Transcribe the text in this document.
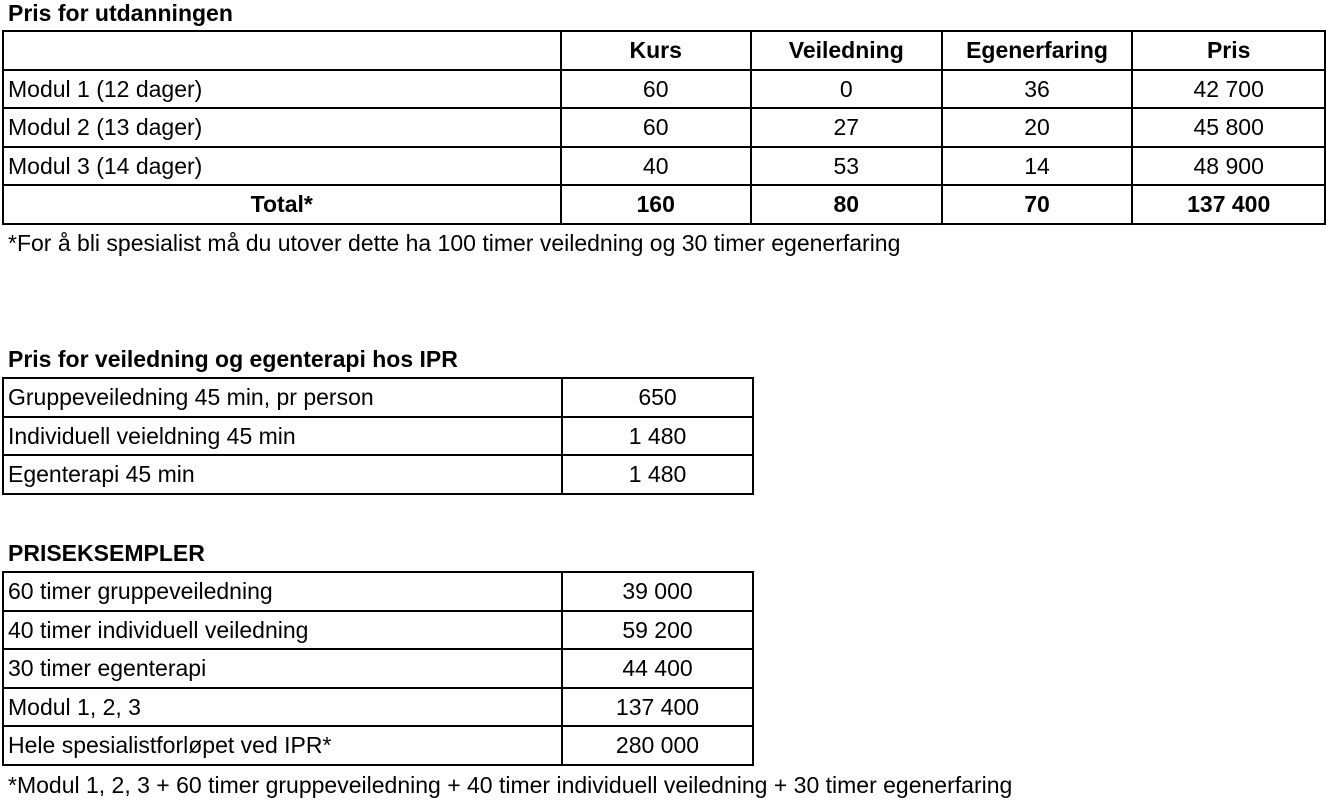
Pris for utdanningen
	Kurs	Veiledning	Egenerfaring	Pris
Modul 1 (12 dager)	60	0	36	42 700
Modul 2 (13 dager)	60	27	20	45 800
Modul 3 (14 dager)	40	53	14	48 900
Total*	160	80	70	137 400
*For å bli spesialist må du utover dette ha 100 timer veiledning og 30 timer egenerfaring
Pris for veiledning og egenterapi hos IPR
Gruppeveiledning 45 min, pr person	650
Individuell veieldning 45 min	1 480
Egenterapi 45 min	1 480
PRISEKSEMPLER
60 timer gruppeveiledning	39 000
40 timer individuell veiledning	59 200
30 timer egenterapi	44 400
Modul 1, 2, 3	137 400
Hele spesialistforløpet ved IPR*	280 000
*Modul 1, 2, 3 + 60 timer gruppeveiledning + 40 timer individuell veiledning + 30 timer egenerfaring
